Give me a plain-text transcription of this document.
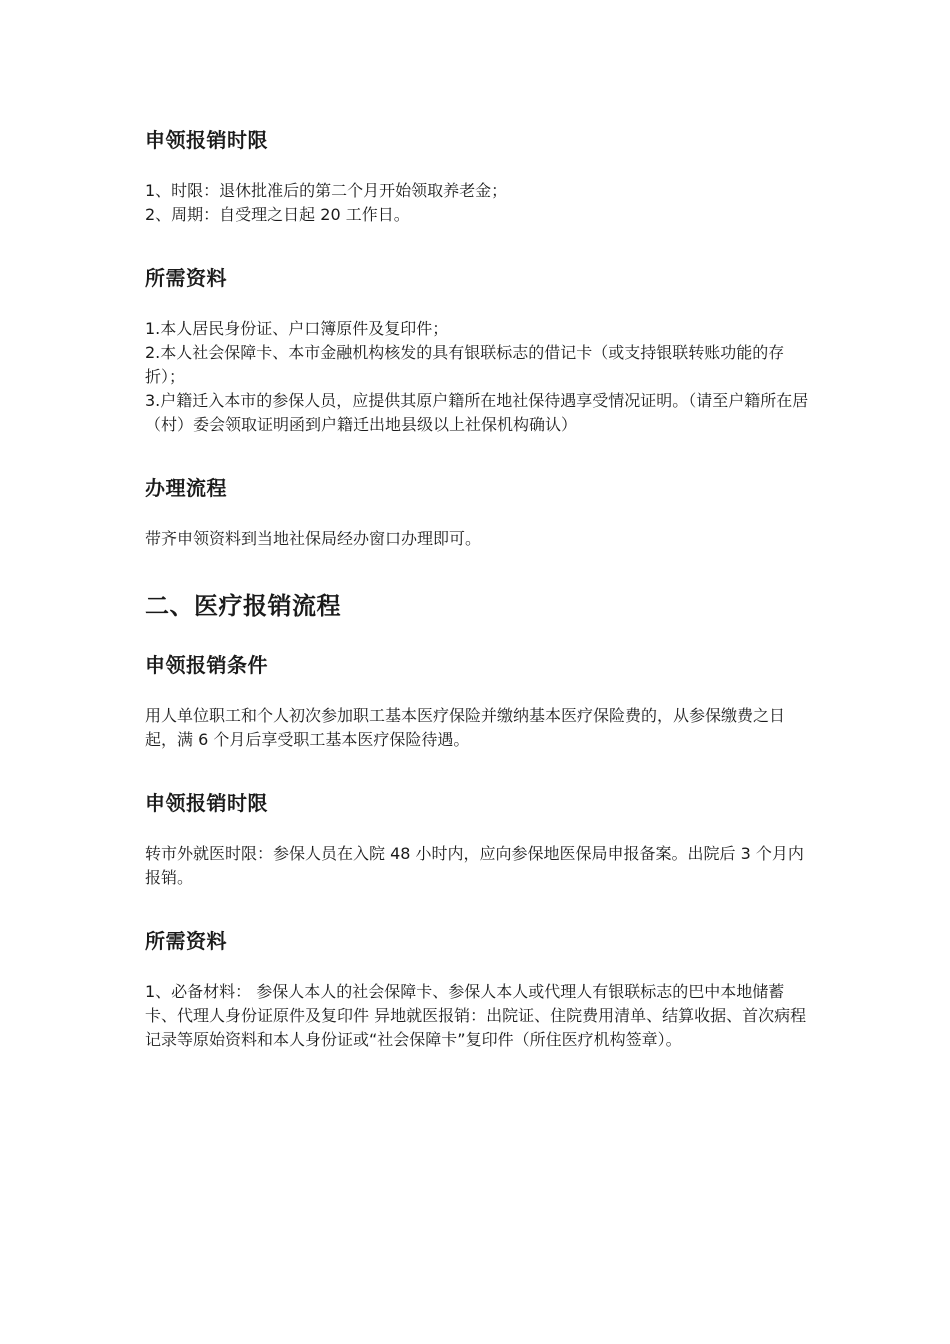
申领报销时限
1、时限：退休批准后的第二个月开始领取养老金；
2、周期：自受理之日起 20 工作日。
所需资料
1.本人居民身份证、户口簿原件及复印件；
2.本人社会保障卡、本市金融机构核发的具有银联标志的借记卡（或支持银联转账功能的存折）；
3.户籍迁入本市的参保人员，应提供其原户籍所在地社保待遇享受情况证明。（请至户籍所在居（村）委会领取证明函到户籍迁出地县级以上社保机构确认）
办理流程

带齐申领资料到当地社保局经办窗口办理即可。

二、医疗报销流程
申领报销条件

用人单位职工和个人初次参加职工基本医疗保险并缴纳基本医疗保险费的，从参保缴费之日起，满 6 个月后享受职工基本医疗保险待遇。

申领报销时限

转市外就医时限：参保人员在入院 48 小时内，应向参保地医保局申报备案。出院后 3 个月内报销。

所需资料

1、必备材料： 参保人本人的社会保障卡、参保人本人或代理人有银联标志的巴中本地储蓄卡、代理人身份证原件及复印件 异地就医报销：出院证、住院费用清单、结算收据、首次病程记录等原始资料和本人身份证或“社会保障卡”复印件（所住医疗机构签章）。
